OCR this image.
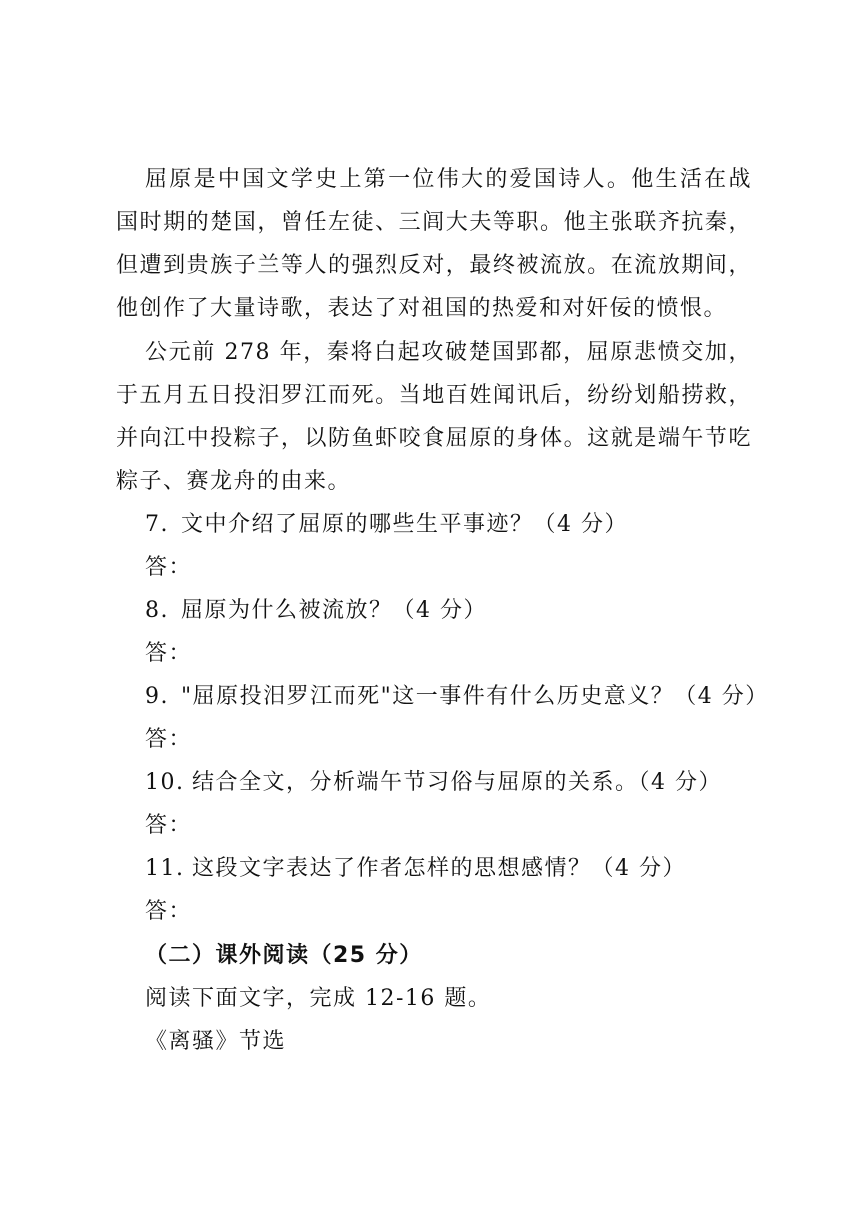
屈原是中国文学史上第一位伟大的爱国诗人。他生活在战国时期的楚国，曾任左徒、三闾大夫等职。他主张联齐抗秦，但遭到贵族子兰等人的强烈反对，最终被流放。在流放期间，他创作了大量诗歌，表达了对祖国的热爱和对奸佞的愤恨。

公元前 278 年，秦将白起攻破楚国郢都，屈原悲愤交加，于五月五日投汨罗江而死。当地百姓闻讯后，纷纷划船捞救，并向江中投粽子，以防鱼虾咬食屈原的身体。这就是端午节吃粽子、赛龙舟的由来。

7. 文中介绍了屈原的哪些生平事迹？（4 分）

答：

8. 屈原为什么被流放？（4 分）

答：

9. "屈原投汨罗江而死"这一事件有什么历史意义？（4 分）

答：

10. 结合全文，分析端午节习俗与屈原的关系。（4 分）

答：

11. 这段文字表达了作者怎样的思想感情？（4 分）

答：

（二）课外阅读（25 分）

阅读下面文字，完成 12-16 题。

《离骚》节选
